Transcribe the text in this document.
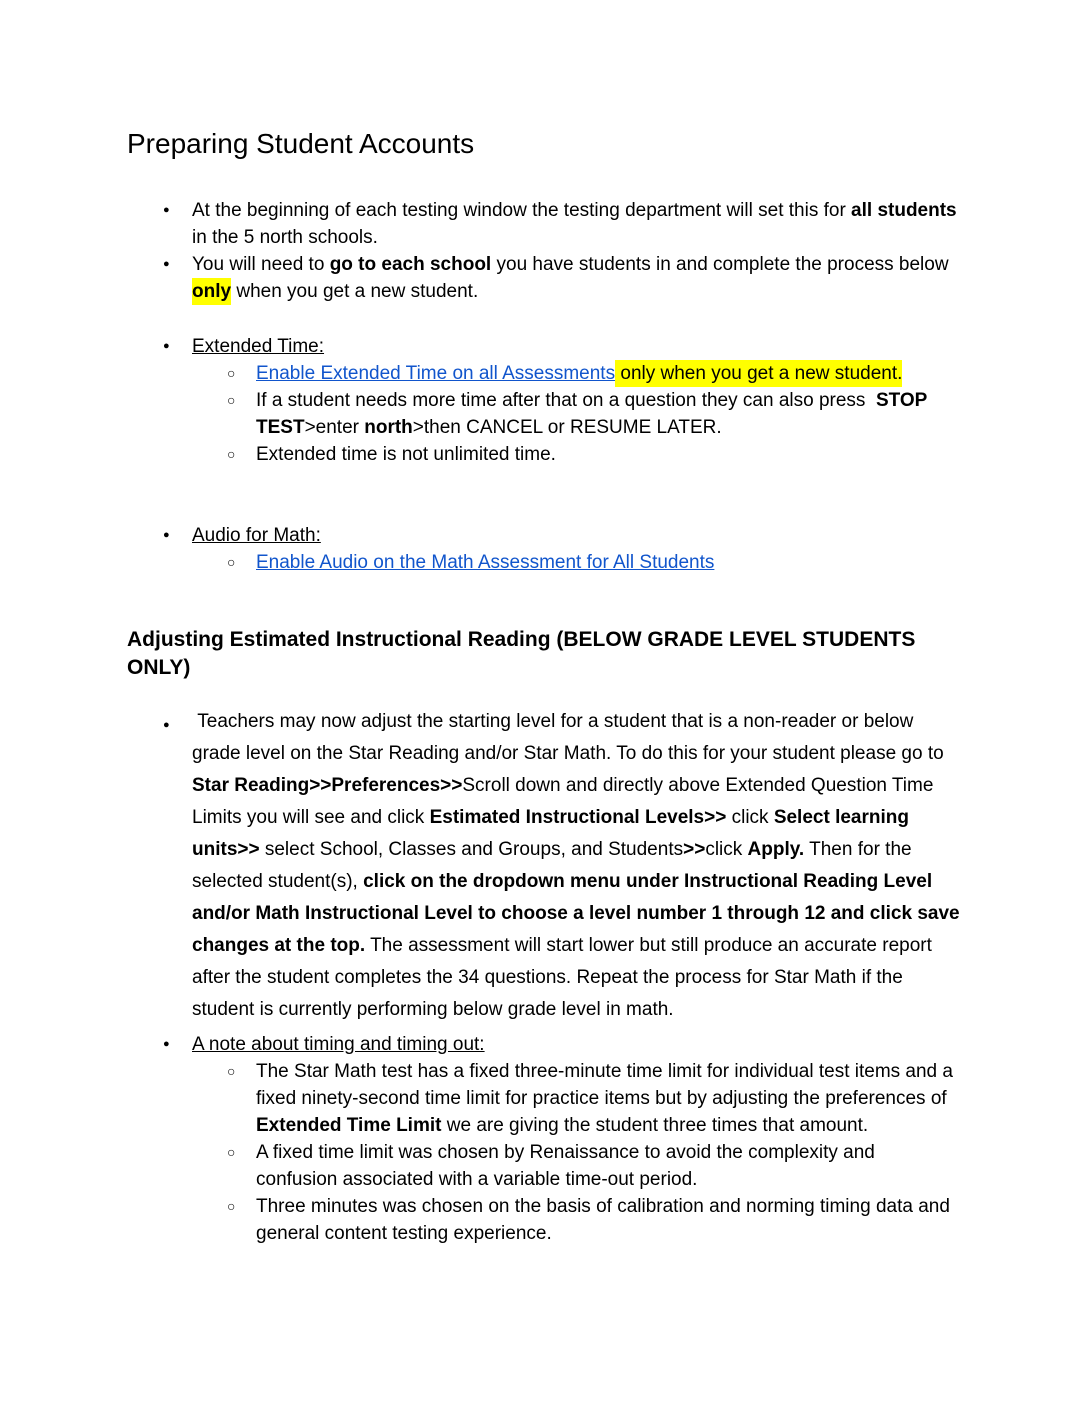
Preparing Student Accounts
● At the beginning of each testing window the testing department will set this for all students in the 5 north schools.
● You will need to go to each school you have students in and complete the process below only when you get a new student.
● Extended Time:
○ Enable Extended Time on all Assessments only when you get a new student.
○ If a student needs more time after that on a question they can also press  STOP TEST>enter north>then CANCEL or RESUME LATER.
○ Extended time is not unlimited time.
● Audio for Math:
○ Enable Audio on the Math Assessment for All Students
Adjusting Estimated Instructional Reading (BELOW GRADE LEVEL STUDENTS ONLY)
● Teachers may now adjust the starting level for a student that is a non-reader or below grade level on the Star Reading and/or Star Math. To do this for your student please go to Star Reading>>Preferences>>Scroll down and directly above Extended Question Time Limits you will see and click Estimated Instructional Levels>> click Select learning units>> select School, Classes and Groups, and Students>>click Apply. Then for the selected student(s), click on the dropdown menu under Instructional Reading Level and/or Math Instructional Level to choose a level number 1 through 12 and click save changes at the top. The assessment will start lower but still produce an accurate report after the student completes the 34 questions. Repeat the process for Star Math if the student is currently performing below grade level in math.
● A note about timing and timing out:
○ The Star Math test has a fixed three-minute time limit for individual test items and a fixed ninety-second time limit for practice items but by adjusting the preferences of Extended Time Limit we are giving the student three times that amount.
○ A fixed time limit was chosen by Renaissance to avoid the complexity and confusion associated with a variable time-out period.
○ Three minutes was chosen on the basis of calibration and norming timing data and general content testing experience.
